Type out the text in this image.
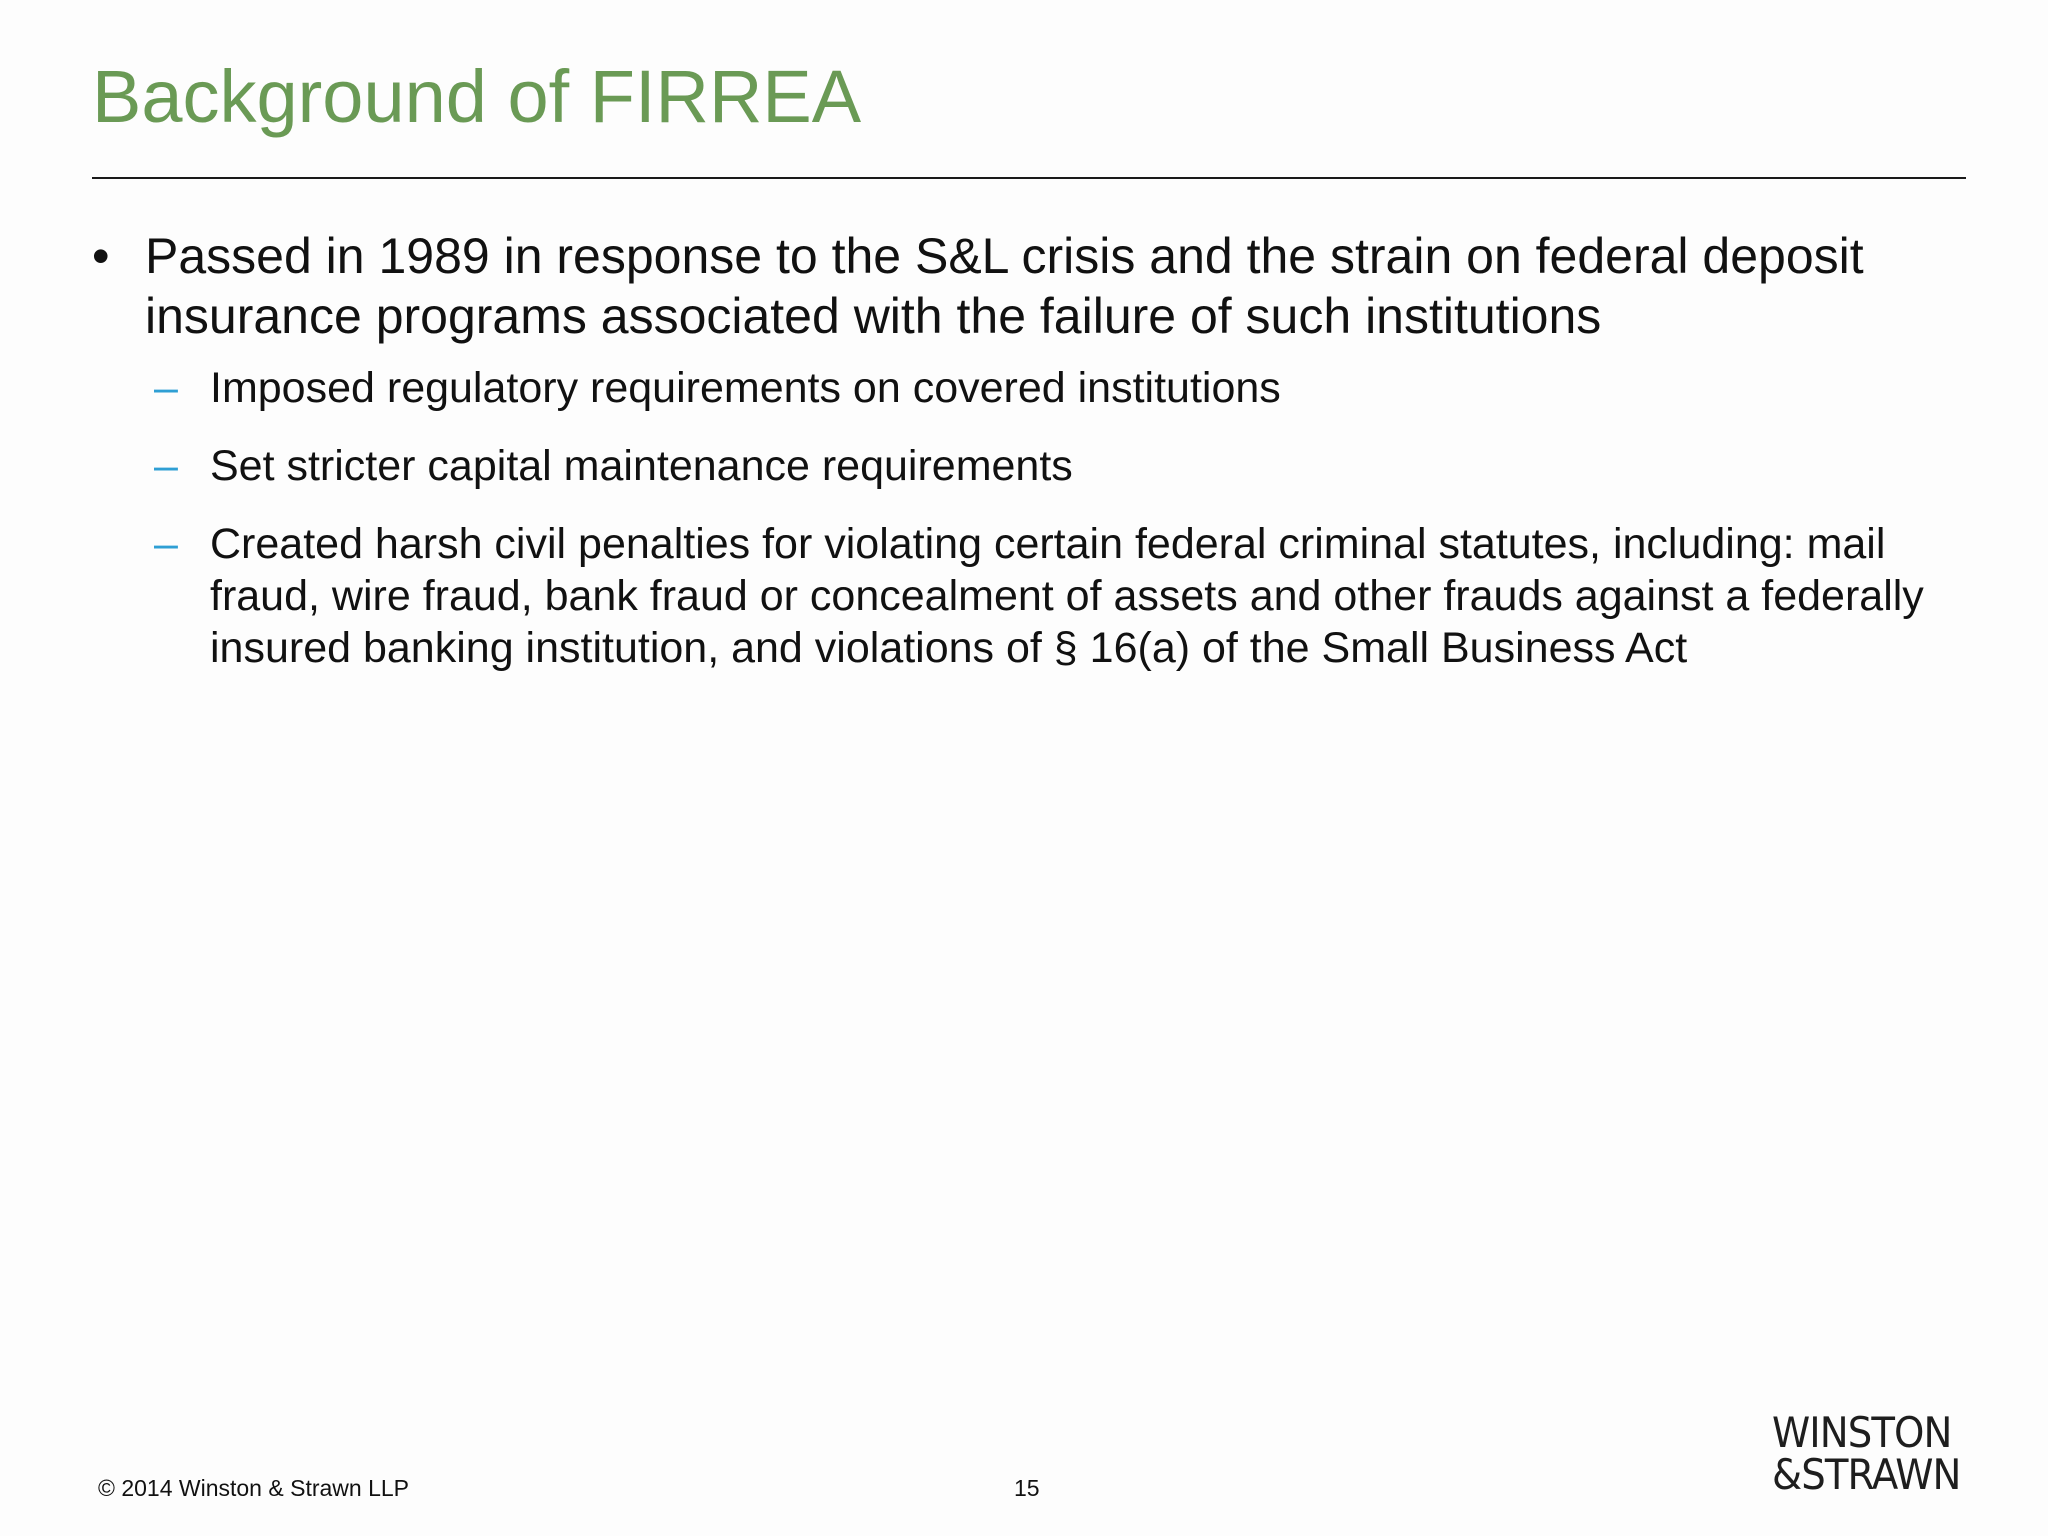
Background of FIRREA
• Passed in 1989 in response to the S&L crisis and the strain on federal deposit insurance programs associated with the failure of such institutions
– Imposed regulatory requirements on covered institutions
– Set stricter capital maintenance requirements
– Created harsh civil penalties for violating certain federal criminal statutes, including: mail fraud, wire fraud, bank fraud or concealment of assets and other frauds against a federally insured banking institution, and violations of § 16(a) of the Small Business Act
© 2014 Winston & Strawn LLP	15
WINSTON
&STRAWN
